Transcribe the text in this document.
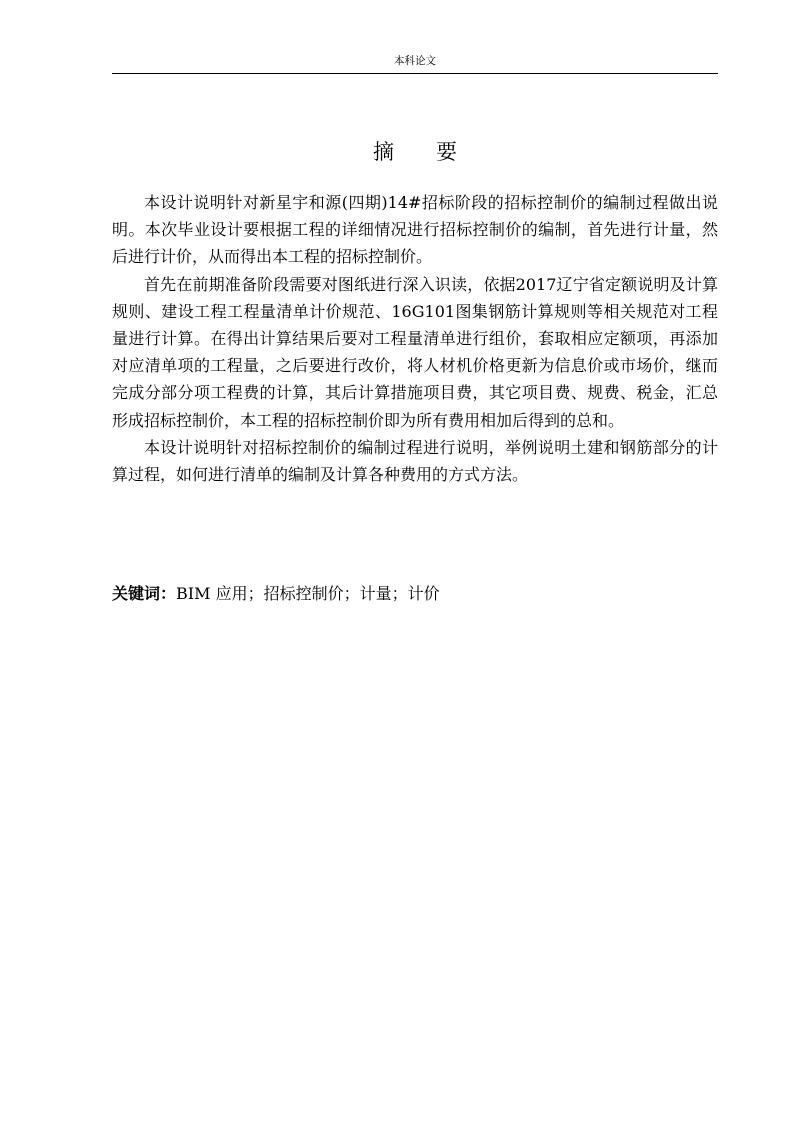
本科论文
摘 要

本设计说明针对新星宇和源(四期)14#招标阶段的招标控制价的编制过程做出说明。本次毕业设计要根据工程的详细情况进行招标控制价的编制，首先进行计量，然后进行计价，从而得出本工程的招标控制价。

首先在前期准备阶段需要对图纸进行深入识读，依据2017辽宁省定额说明及计算规则、建设工程工程量清单计价规范、16G101图集钢筋计算规则等相关规范对工程量进行计算。在得出计算结果后要对工程量清单进行组价，套取相应定额项，再添加对应清单项的工程量，之后要进行改价，将人材机价格更新为信息价或市场价，继而完成分部分项工程费的计算，其后计算措施项目费，其它项目费、规费、税金，汇总形成招标控制价，本工程的招标控制价即为所有费用相加后得到的总和。

本设计说明针对招标控制价的编制过程进行说明，举例说明土建和钢筋部分的计算过程，如何进行清单的编制及计算各种费用的方式方法。

关键词：BIM 应用；招标控制价；计量；计价
